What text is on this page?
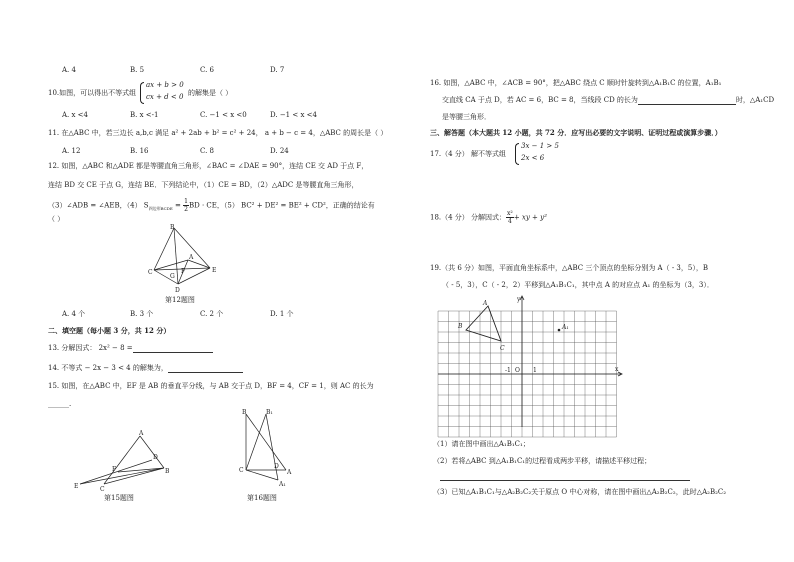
A. 4	B. 5	C. 6	D. 7
10.如图，可以得出不等式组
ax + b > 0
cx + d < 0 的解集是（ ）
A. x <4	B. x <-1	C. −1 < x <0	D. −1 < x <4
11. 在△ABC 中，若三边长 a,b,c 满足 a² + 2ab + b² = c² + 24， a + b − c = 4，△ABC 的周长是（ ）
A. 12	B. 16	C. 8	D. 24
12. 如图，△ABC 和△ADE 都是等腰直角三角形，∠BAC = ∠DAE = 90°，连结 CE 交 AD 于点 F，
连结 BD 交 CE 于点 G，连结 BE．下列结论中，（1）CE = BD，（2）△ADC 是等腰直角三角形，
（3）∠ADB = ∠AEB，（4） $S_{四边形BCDE} = \frac{1}{2}BD$ · CE，（5） BC² + DE² = BE² + CD²，正确的结论有
（ ）
B
A
C
G
F	E
D
第12题图
A. 4 个	B. 3 个	C. 2 个	D. 1 个
二、填空题（每小题 3 分，共 12 分）
13. 分解因式： 2x² − 8 =
14. 不等式 − 2x − 3 < 4 的解集为，
15. 如图，在△ABC 中，EF 是 AB 的垂直平分线，与 AB 交于点 D，BF = 4，CF = 1，则 AC 的长为
______.
A
D
F
E	C
B
第15题图
B	B₁
C
D
A
A₁
第16题图
16. 如图，△ABC 中，∠ACB = 90°，把△ABC 绕点 C 顺时针旋转到△A₁B₁C 的位置，A₁B₁
交直线 CA 于点 D，若 AC = 6，BC = 8，当线段 CD 的长为	时，△A₁CD
是等腰三角形．
三、解答题（本大题共 12 小题，共 72 分．应写出必要的文字说明、证明过程或演算步骤．）
17.（4 分） 解不等式组
3x − 1 > 5
2x < 6
18.（4 分） 分解因式： $\frac{\text{x²}}{4}+$ xy + y²
19.（共 6 分）如图，平面直角坐标系中，△ABC 三个顶点的坐标分别为 A（ - 3，5），B
（ - 5，3），C（ - 2，2）平移到△A₁B₁C₁，其中点 A 的对应点 A₁ 的坐标为（3，3）．
y
x
O 1
-1
A
B
C
A₁
（1）请在图中画出△A₁B₁C₁；
（2）若将△ABC 到△A₁B₁C₁的过程看成两步平移，请描述平移过程；
（3）已知△A₁B₁C₁与△A₂B₂C₂关于原点 O 中心对称，请在图中画出△A₂B₂C₂，此时△A₂B₂C₂
